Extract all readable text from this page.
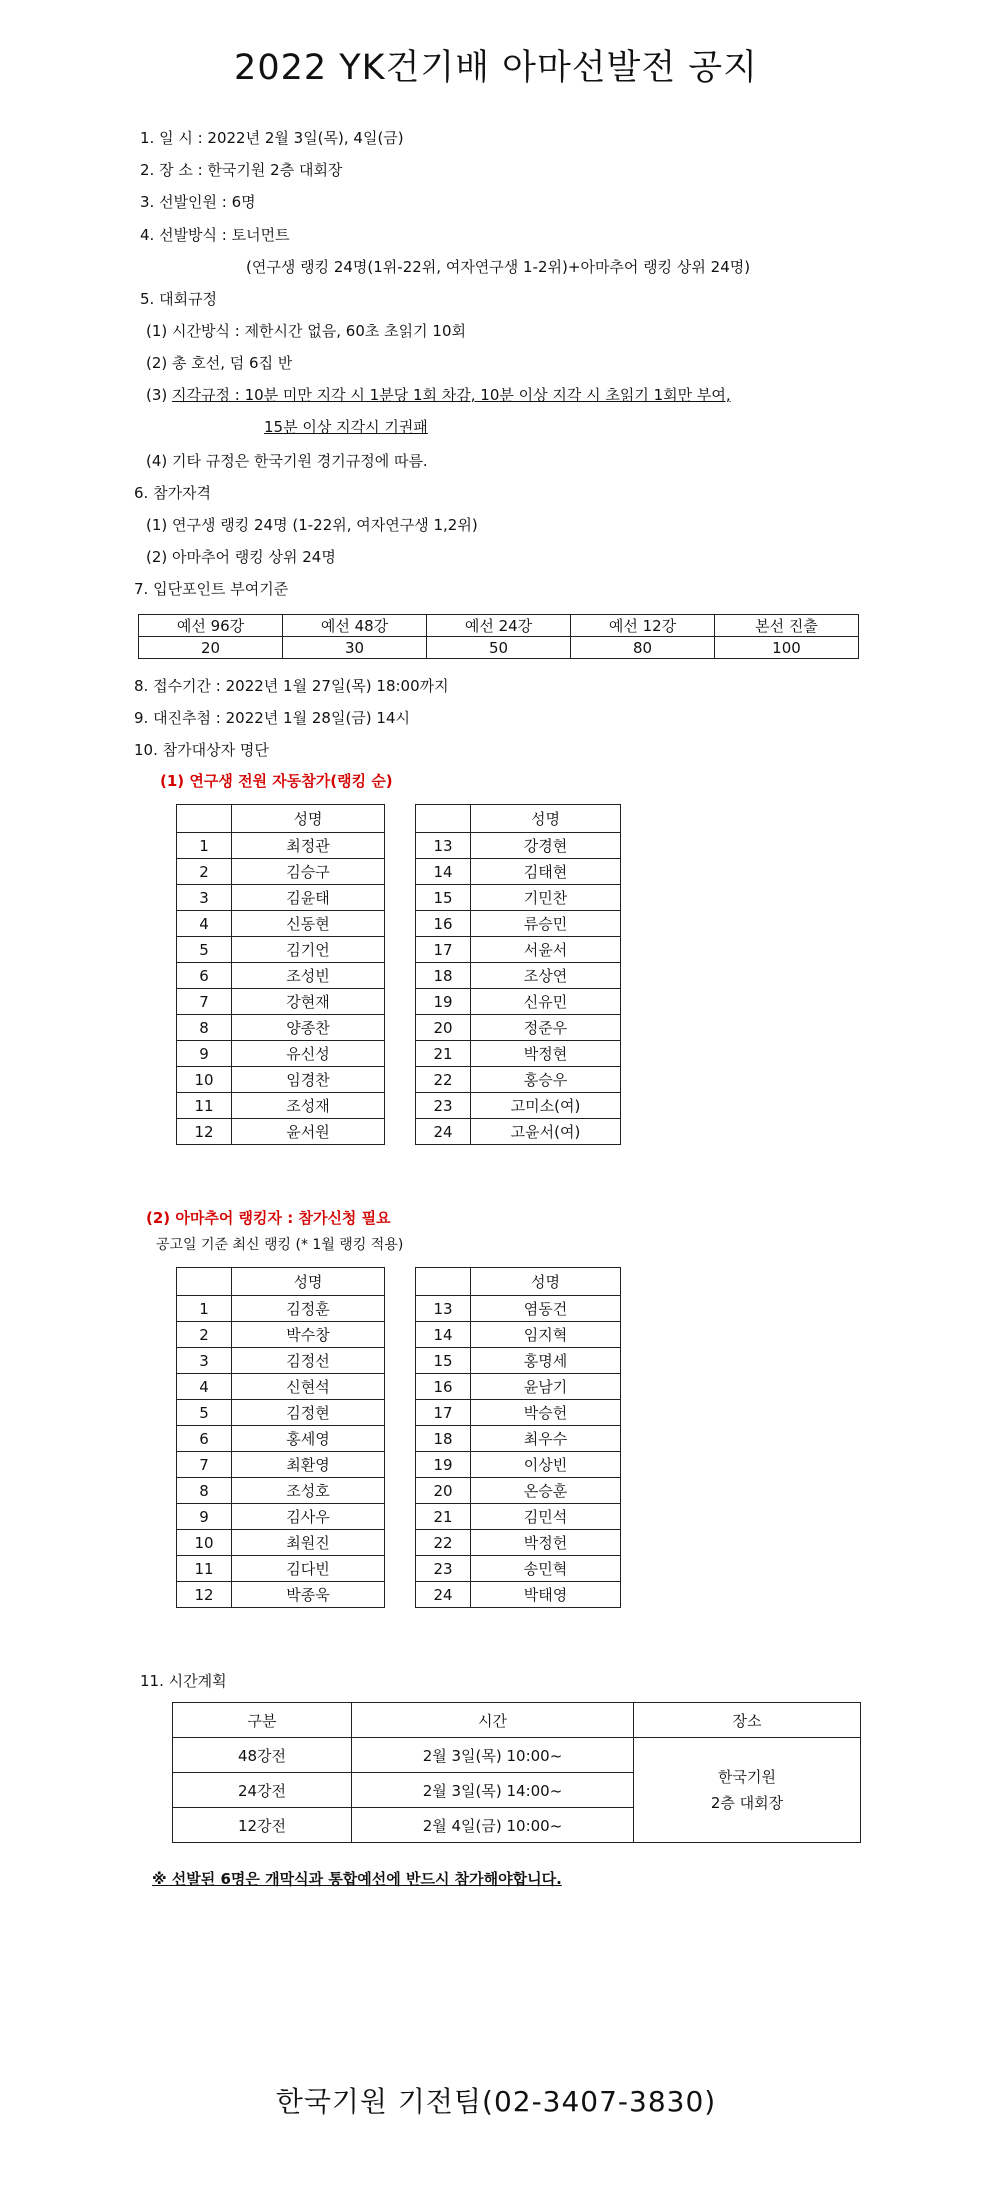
2022 YK건기배 아마선발전 공지
1. 일 시 : 2022년 2월 3일(목), 4일(금)
2. 장 소 : 한국기원 2층 대회장
3. 선발인원 : 6명
4. 선발방식 : 토너먼트
(연구생 랭킹 24명(1위-22위, 여자연구생 1-2위)+아마추어 랭킹 상위 24명)
5. 대회규정
(1) 시간방식 : 제한시간 없음, 60초 초읽기 10회
(2) 총 호선, 덤 6집 반
(3) 지각규정 : 10분 미만 지각 시 1분당 1회 차감, 10분 이상 지각 시 초읽기 1회만 부여,
15분 이상 지각시 기권패
(4) 기타 규정은 한국기원 경기규정에 따름.
6. 참가자격
(1) 연구생 랭킹 24명 (1-22위, 여자연구생 1,2위)
(2) 아마추어 랭킹 상위 24명
7. 입단포인트 부여기준
예선 96강	예선 48강	예선 24강	예선 12강	본선 진출
20	30	50	80	100
8. 접수기간 : 2022년 1월 27일(목) 18:00까지
9. 대진추첨 : 2022년 1월 28일(금) 14시
10. 참가대상자 명단
(1) 연구생 전원 자동참가(랭킹 순)
	성명
1	최정관
2	김승구
3	김윤태
4	신동현
5	김기언
6	조성빈
7	강현재
8	양종찬
9	유신성
10	임경찬
11	조성재
12	윤서원
	성명
13	강경현
14	김태현
15	기민찬
16	류승민
17	서윤서
18	조상연
19	신유민
20	정준우
21	박정현
22	홍승우
23	고미소(여)
24	고윤서(여)
(2) 아마추어 랭킹자 : 참가신청 필요
공고일 기준 최신 랭킹 (* 1월 랭킹 적용)
	성명
1	김정훈
2	박수창
3	김정선
4	신현석
5	김정현
6	홍세영
7	최환영
8	조성호
9	김사우
10	최원진
11	김다빈
12	박종욱
	성명
13	염동건
14	임지혁
15	홍명세
16	윤남기
17	박승헌
18	최우수
19	이상빈
20	온승훈
21	김민석
22	박정헌
23	송민혁
24	박태영
11. 시간계획
구분	시간	장소
48강전	2월 3일(목) 10:00~	한국기원
2층 대회장
24강전	2월 3일(목) 14:00~	
12강전	2월 4일(금) 10:00~	
※ 선발된 6명은 개막식과 통합예선에 반드시 참가해야합니다.
한국기원 기전팀(02-3407-3830)
